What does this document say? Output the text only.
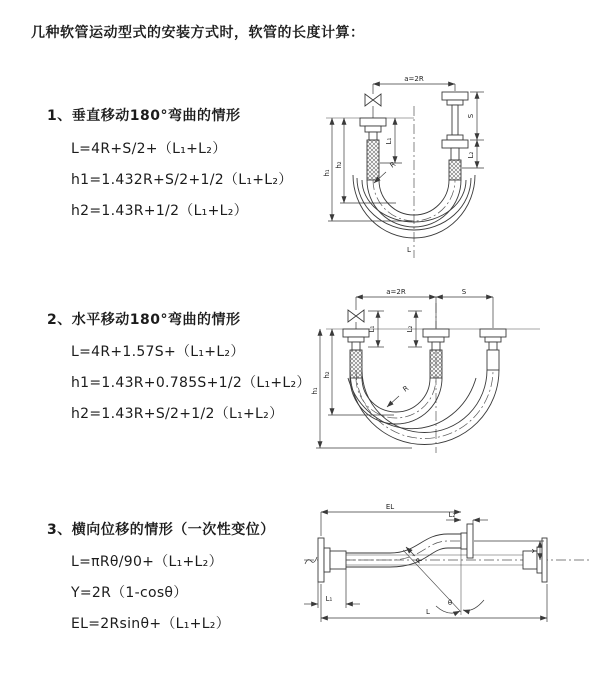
几种软管运动型式的安装方式时，软管的长度计算：
1、垂直移动180°弯曲的情形
L=4R+S/2+（L₁+L₂）
h1=1.432R+S/2+1/2（L₁+L₂）
h2=1.43R+1/2（L₁+L₂）
a=2R
h₁
h₂
L₁
S
L₂
R
L
2、水平移动180°弯曲的情形
L=4R+1.57S+（L₁+L₂）
h1=1.43R+0.785S+1/2（L₁+L₂）
h2=1.43R+S/2+1/2（L₁+L₂）
a=2R	S
h₁
h₂
L₁	L₂
R
3、横向位移的情形（一次性变位）
L=πRθ/90+（L₁+L₂）
Y=2R（1-cosθ）
EL=2Rsinθ+（L₁+L₂）
EL
L₂
Y
θ
R
L₁
L
